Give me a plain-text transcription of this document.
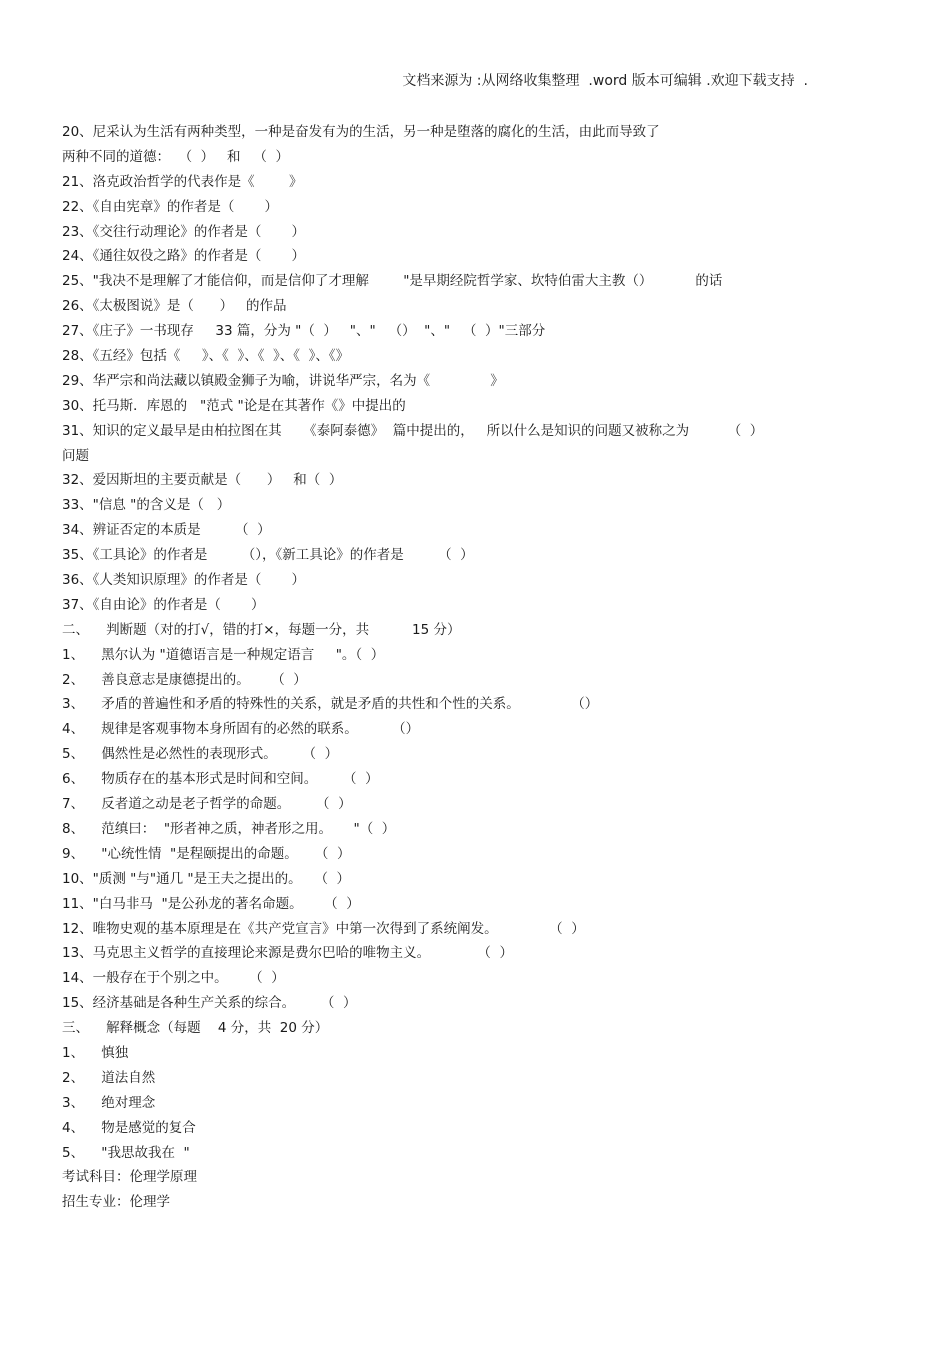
文档来源为 :从网络收集整理  .word 版本可编辑 .欢迎下载支持  .
20、尼采认为生活有两种类型，一种是奋发有为的生活，另一种是堕落的腐化的生活，由此而导致了
两种不同的道德：  （  ）   和   （  ）
21、洛克政治哲学的代表作是《        》
22、《自由宪章》的作者是（       ）
23、《交往行动理论》的作者是（       ）
24、《通往奴役之路》的作者是（       ）
25、"我决不是理解了才能信仰，而是信仰了才理解        "是早期经院哲学家、坎特伯雷大主教（）          的话
26、《太极图说》是（      ）   的作品
27、《庄子》一书现存     33 篇，分为 "（  ）   "、"   （）  "、"   （  ）"三部分
28、《五经》包括《     》、《  》、《  》、《  》、《》
29、华严宗和尚法藏以镇殿金狮子为喻，讲说华严宗，名为《              》
30、托马斯．库恩的   "范式 "论是在其著作《》中提出的
31、知识的定义最早是由柏拉图在其     《泰阿泰德》  篇中提出的，   所以什么是知识的问题又被称之为         （  ）
问题
32、爱因斯坦的主要贡献是（      ）   和（  ）
33、"信息 "的含义是（   ）
34、辨证否定的本质是        （  ）
35、《工具论》的作者是        （），《新工具论》的作者是        （  ）
36、《人类知识原理》的作者是（       ）
37、《自由论》的作者是（       ）
二、    判断题（对的打√，错的打×，每题一分，共          15 分）
1、    黑尔认为 "道德语言是一种规定语言     "。（  ）
2、    善良意志是康德提出的。     （  ）
3、    矛盾的普遍性和矛盾的特殊性的关系，就是矛盾的共性和个性的关系。            （）
4、    规律是客观事物本身所固有的必然的联系。        （）
5、    偶然性是必然性的表现形式。      （  ）
6、    物质存在的基本形式是时间和空间。      （  ）
7、    反者道之动是老子哲学的命题。      （  ）
8、    范缜曰：  "形者神之质，神者形之用。     "（  ）
9、    "心统性情  "是程颐提出的命题。    （  ）
10、"质测 "与"通几 "是王夫之提出的。   （  ）
11、"白马非马  "是公孙龙的著名命题。     （  ）
12、唯物史观的基本原理是在《共产党宣言》中第一次得到了系统阐发。            （  ）
13、马克思主义哲学的直接理论来源是费尔巴哈的唯物主义。           （  ）
14、一般存在于个别之中。     （  ）
15、经济基础是各种生产关系的综合。      （  ）
三、    解释概念（每题    4 分，共  20 分）
1、    慎独
2、    道法自然
3、    绝对理念
4、    物是感觉的复合
5、    "我思故我在  "
考试科目：伦理学原理
招生专业：伦理学
